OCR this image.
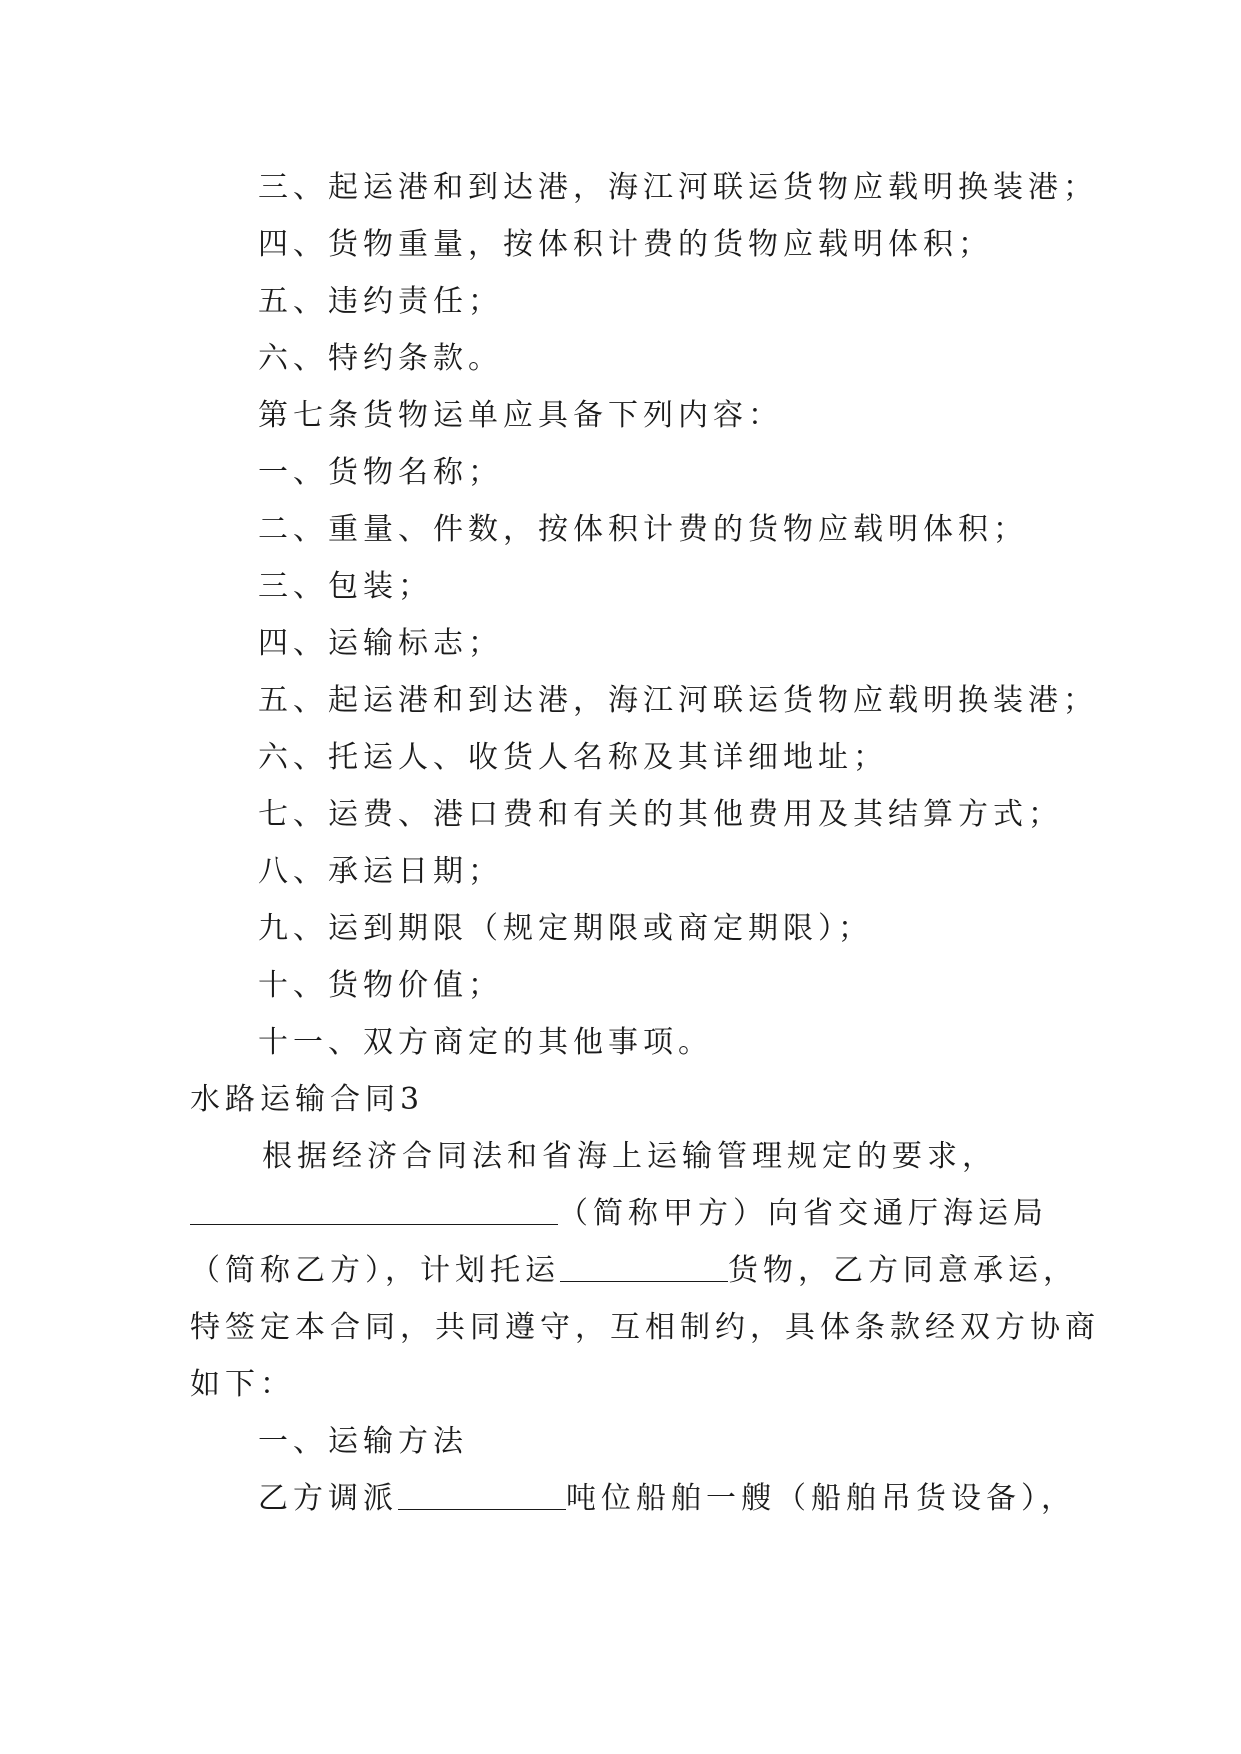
三、起运港和到达港，海江河联运货物应载明换装港；
四、货物重量，按体积计费的货物应载明体积；
五、违约责任；
六、特约条款。
第七条货物运单应具备下列内容：
一、货物名称；
二、重量、件数，按体积计费的货物应载明体积；
三、包装；
四、运输标志；
五、起运港和到达港，海江河联运货物应载明换装港；
六、托运人、收货人名称及其详细地址；
七、运费、港口费和有关的其他费用及其结算方式；
八、承运日期；
九、运到期限（规定期限或商定期限）；
十、货物价值；
十一、双方商定的其他事项。
水路运输合同3
根据经济合同法和省海上运输管理规定的要求，
（简称甲方）向省交通厅海运局
（简称乙方），计划托运	货物，乙方同意承运，
特签定本合同，共同遵守，互相制约，具体条款经双方协商
如下：
一、运输方法
乙方调派	吨位船舶一艘（船舶吊货设备），
